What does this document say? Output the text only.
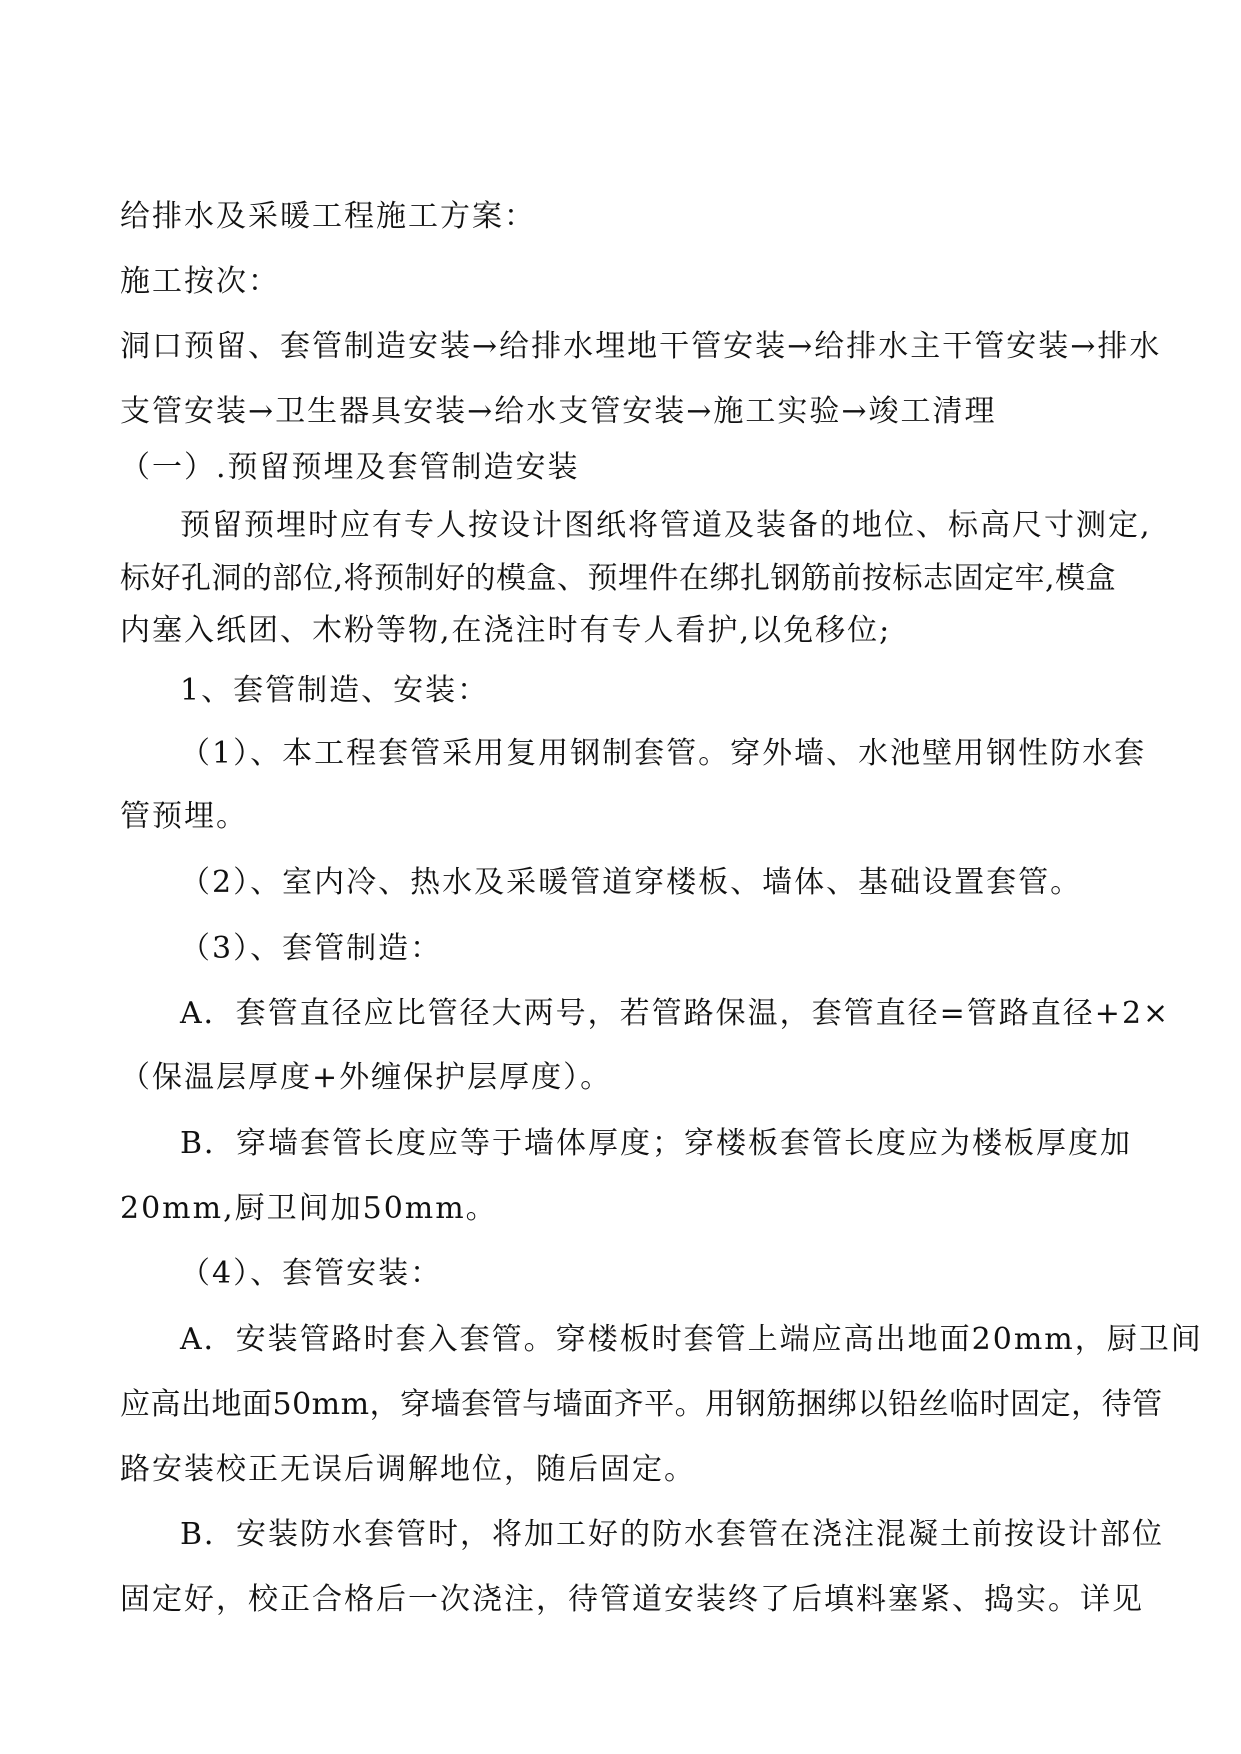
给排水及采暖工程施工方案：
施工按次：
洞口预留、套管制造安装→给排水埋地干管安装→给排水主干管安装→排水
支管安装→卫生器具安装→给水支管安装→施工实验→竣工清理
（一）.预留预埋及套管制造安装
预留预埋时应有专人按设计图纸将管道及装备的地位、标高尺寸测定,
标好孔洞的部位,将预制好的模盒、预埋件在绑扎钢筋前按标志固定牢,模盒
内塞入纸团、木粉等物,在浇注时有专人看护,以免移位;
1、套管制造、安装：
（1）、本工程套管采用复用钢制套管。穿外墙、水池壁用钢性防水套
管预埋。
（2）、室内冷、热水及采暖管道穿楼板、墙体、基础设置套管。
（3）、套管制造：
A．套管直径应比管径大两号，若管路保温，套管直径=管路直径+2×
（保温层厚度+外缠保护层厚度）。
B．穿墙套管长度应等于墙体厚度；穿楼板套管长度应为楼板厚度加
20mm,厨卫间加50mm。
（4）、套管安装：
A．安装管路时套入套管。穿楼板时套管上端应高出地面20mm，厨卫间
应高出地面50mm，穿墙套管与墙面齐平。用钢筋捆绑以铅丝临时固定，待管
路安装校正无误后调解地位，随后固定。
B．安装防水套管时，将加工好的防水套管在浇注混凝土前按设计部位
固定好，校正合格后一次浇注，待管道安装终了后填料塞紧、捣实。详见
